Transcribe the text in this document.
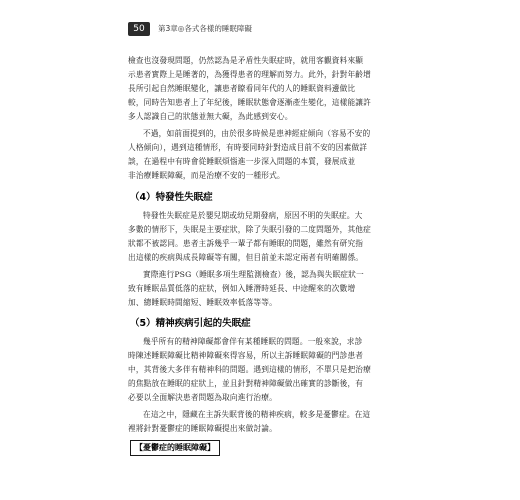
50	第3章◎各式各樣的睡眠障礙
檢查也沒發現問題，仍然認為是矛盾性失眠症時，就用客觀資料來顯
示患者實際上是睡著的，為獲得患者的理解而努力。此外，針對年齡增
長所引起自然睡眠變化，讓患者瞭看同年代的人的睡眠資料邊做比
較，同時告知患者上了年紀後，睡眠狀態會逐漸產生變化，這樣能讓許
多人認識自己的狀態並無大礙，為此感到安心。
不過，如前面提到的，由於很多時候是患神經症傾向（容易不安的
人格傾向），遇到這種情形，有時要同時針對造成目前不安的因素做詳
談，在過程中有時會從睡眠煩惱進一步深入問題的本質，發展成並
非治療睡眠障礙，而是治療不安的一種形式。
（4）特發性失眠症
特發性失眠症是於嬰兒期或幼兒期發病，原因不明的失眠症。大
多數的情形下，失眠是主要症狀，除了失眠引發的二度問題外，其他症
狀都不被認同。患者主訴幾乎一輩子都有睡眠的問題，雖然有研究指
出這樣的疾病與成長障礙等有關，但目前並未認定兩者有明確關係。
實際進行PSG（睡眠多項生理監測檢查）後，認為與失眠症狀一
致有睡眠品質低落的症狀，例如入睡潛時延長、中途醒來的次數增
加、總睡眠時間縮短、睡眠效率低落等等。
（5）精神疾病引起的失眠症
幾乎所有的精神障礙都會伴有某種睡眠的問題。一般來說，求診
時陳述睡眠障礙比精神障礙來得容易，所以主訴睡眠障礙的門診患者
中，其背後大多伴有精神科的問題。遇到這樣的情形，不單只是把治療
的焦點放在睡眠的症狀上，並且針對精神障礙做出確實的診斷後，有
必要以全面解決患者問題為取向進行治療。
在這之中，隱藏在主訴失眠背後的精神疾病，較多是憂鬱症。在這
裡將針對憂鬱症的睡眠障礙提出來做討論。
【憂鬱症的睡眠障礙】
